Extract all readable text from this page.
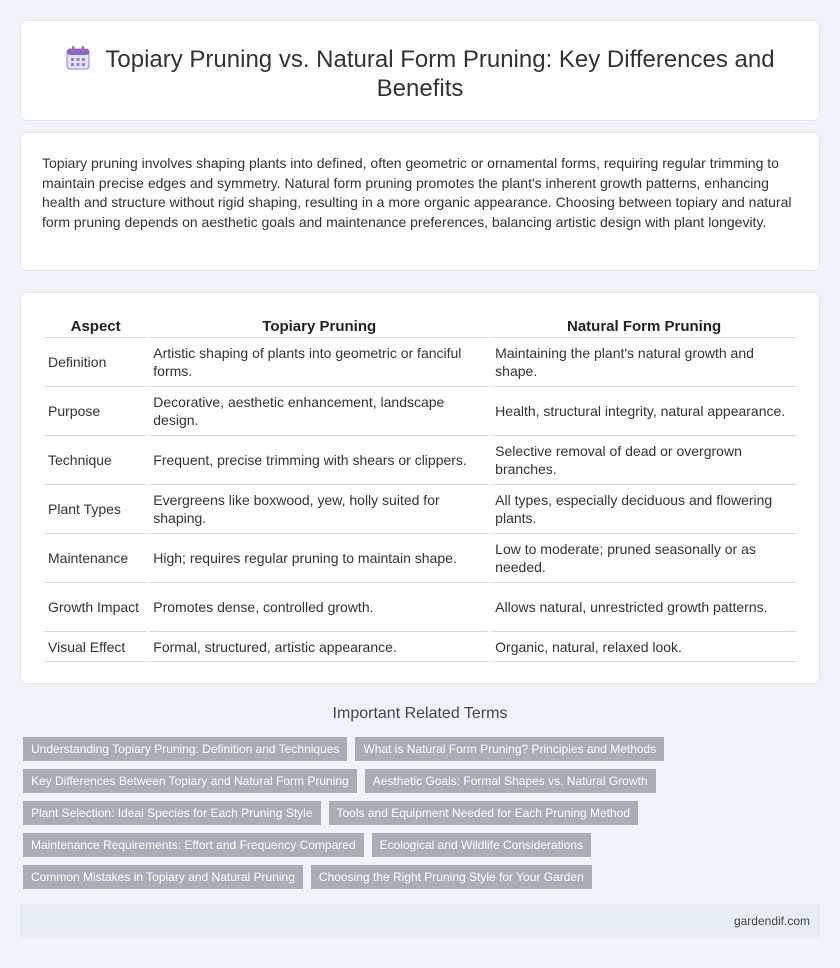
Topiary Pruning vs. Natural Form Pruning: Key Differences and Benefits

Topiary pruning involves shaping plants into defined, often geometric or ornamental forms, requiring regular trimming to maintain precise edges and symmetry. Natural form pruning promotes the plant's inherent growth patterns, enhancing health and structure without rigid shaping, resulting in a more organic appearance. Choosing between topiary and natural form pruning depends on aesthetic goals and maintenance preferences, balancing artistic design with plant longevity.

Aspect	Topiary Pruning	Natural Form Pruning
Definition	Artistic shaping of plants into geometric or fanciful forms.	Maintaining the plant's natural growth and shape.
Purpose	Decorative, aesthetic enhancement, landscape design.	Health, structural integrity, natural appearance.
Technique	Frequent, precise trimming with shears or clippers.	Selective removal of dead or overgrown branches.
Plant Types	Evergreens like boxwood, yew, holly suited for shaping.	All types, especially deciduous and flowering plants.
Maintenance	High; requires regular pruning to maintain shape.	Low to moderate; pruned seasonally or as needed.
Growth Impact	Promotes dense, controlled growth.	Allows natural, unrestricted growth patterns.
Visual Effect	Formal, structured, artistic appearance.	Organic, natural, relaxed look.
Important Related Terms
Understanding Topiary Pruning: Definition and Techniques	What is Natural Form Pruning? Principles and Methods
Key Differences Between Topiary and Natural Form Pruning	Aesthetic Goals: Formal Shapes vs. Natural Growth
Plant Selection: Ideal Species for Each Pruning Style	Tools and Equipment Needed for Each Pruning Method
Maintenance Requirements: Effort and Frequency Compared	Ecological and Wildlife Considerations
Common Mistakes in Topiary and Natural Pruning	Choosing the Right Pruning Style for Your Garden
gardendif.com
